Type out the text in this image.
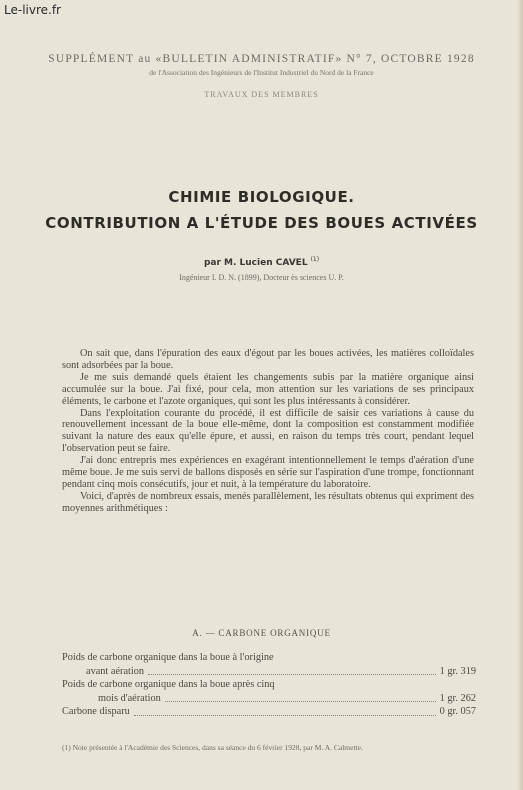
Le-livre.fr
SUPPLÉMENT au «BULLETIN ADMINISTRATIF» N° 7, OCTOBRE 1928
de l'Association des Ingénieurs de l'Institut Industriel du Nord de la France
TRAVAUX DES MEMBRES
CHIMIE BIOLOGIQUE.
CONTRIBUTION A L'ÉTUDE DES BOUES ACTIVÉES
par M. Lucien CAVEL $^{(1)}$
Ingénieur I. D. N. (1899), Docteur ès sciences U. P.

On sait que, dans l'épuration des eaux d'égout par les boues activées, les matières colloïdales sont adsorbées par la boue.

Je me suis demandé quels étaient les changements subis par la matière organique ainsi accumulée sur la boue. J'ai fixé, pour cela, mon attention sur les variations de ses principaux éléments, le carbone et l'azote organiques, qui sont les plus intéressants à considérer.

Dans l'exploitation courante du procédé, il est difficile de saisir ces variations à cause du renouvellement incessant de la boue elle-même, dont la composition est constamment modifiée suivant la nature des eaux qu'elle épure, et aussi, en raison du temps très court, pendant lequel l'observation peut se faire.

J'ai donc entrepris mes expériences en exagérant intentionnellement le temps d'aération d'une même boue. Je me suis servi de ballons disposés en série sur l'aspiration d'une trompe, fonctionnant pendant cinq mois consécutifs, jour et nuit, à la température du laboratoire.

Voici, d'après de nombreux essais, menés parallèlement, les résultats obtenus qui expriment des moyennes arithmétiques :

A. — CARBONE ORGANIQUE
Poids de carbone organique dans la boue à l'origine
avant aération	1 gr. 319
Poids de carbone organique dans la boue après cinq
mois d'aération	1 gr. 262
Carbone disparu	0 gr. 057
(1) Note présentée à l'Académie des Sciences, dans sa séance du 6 février 1928, par M. A. Calmette.
